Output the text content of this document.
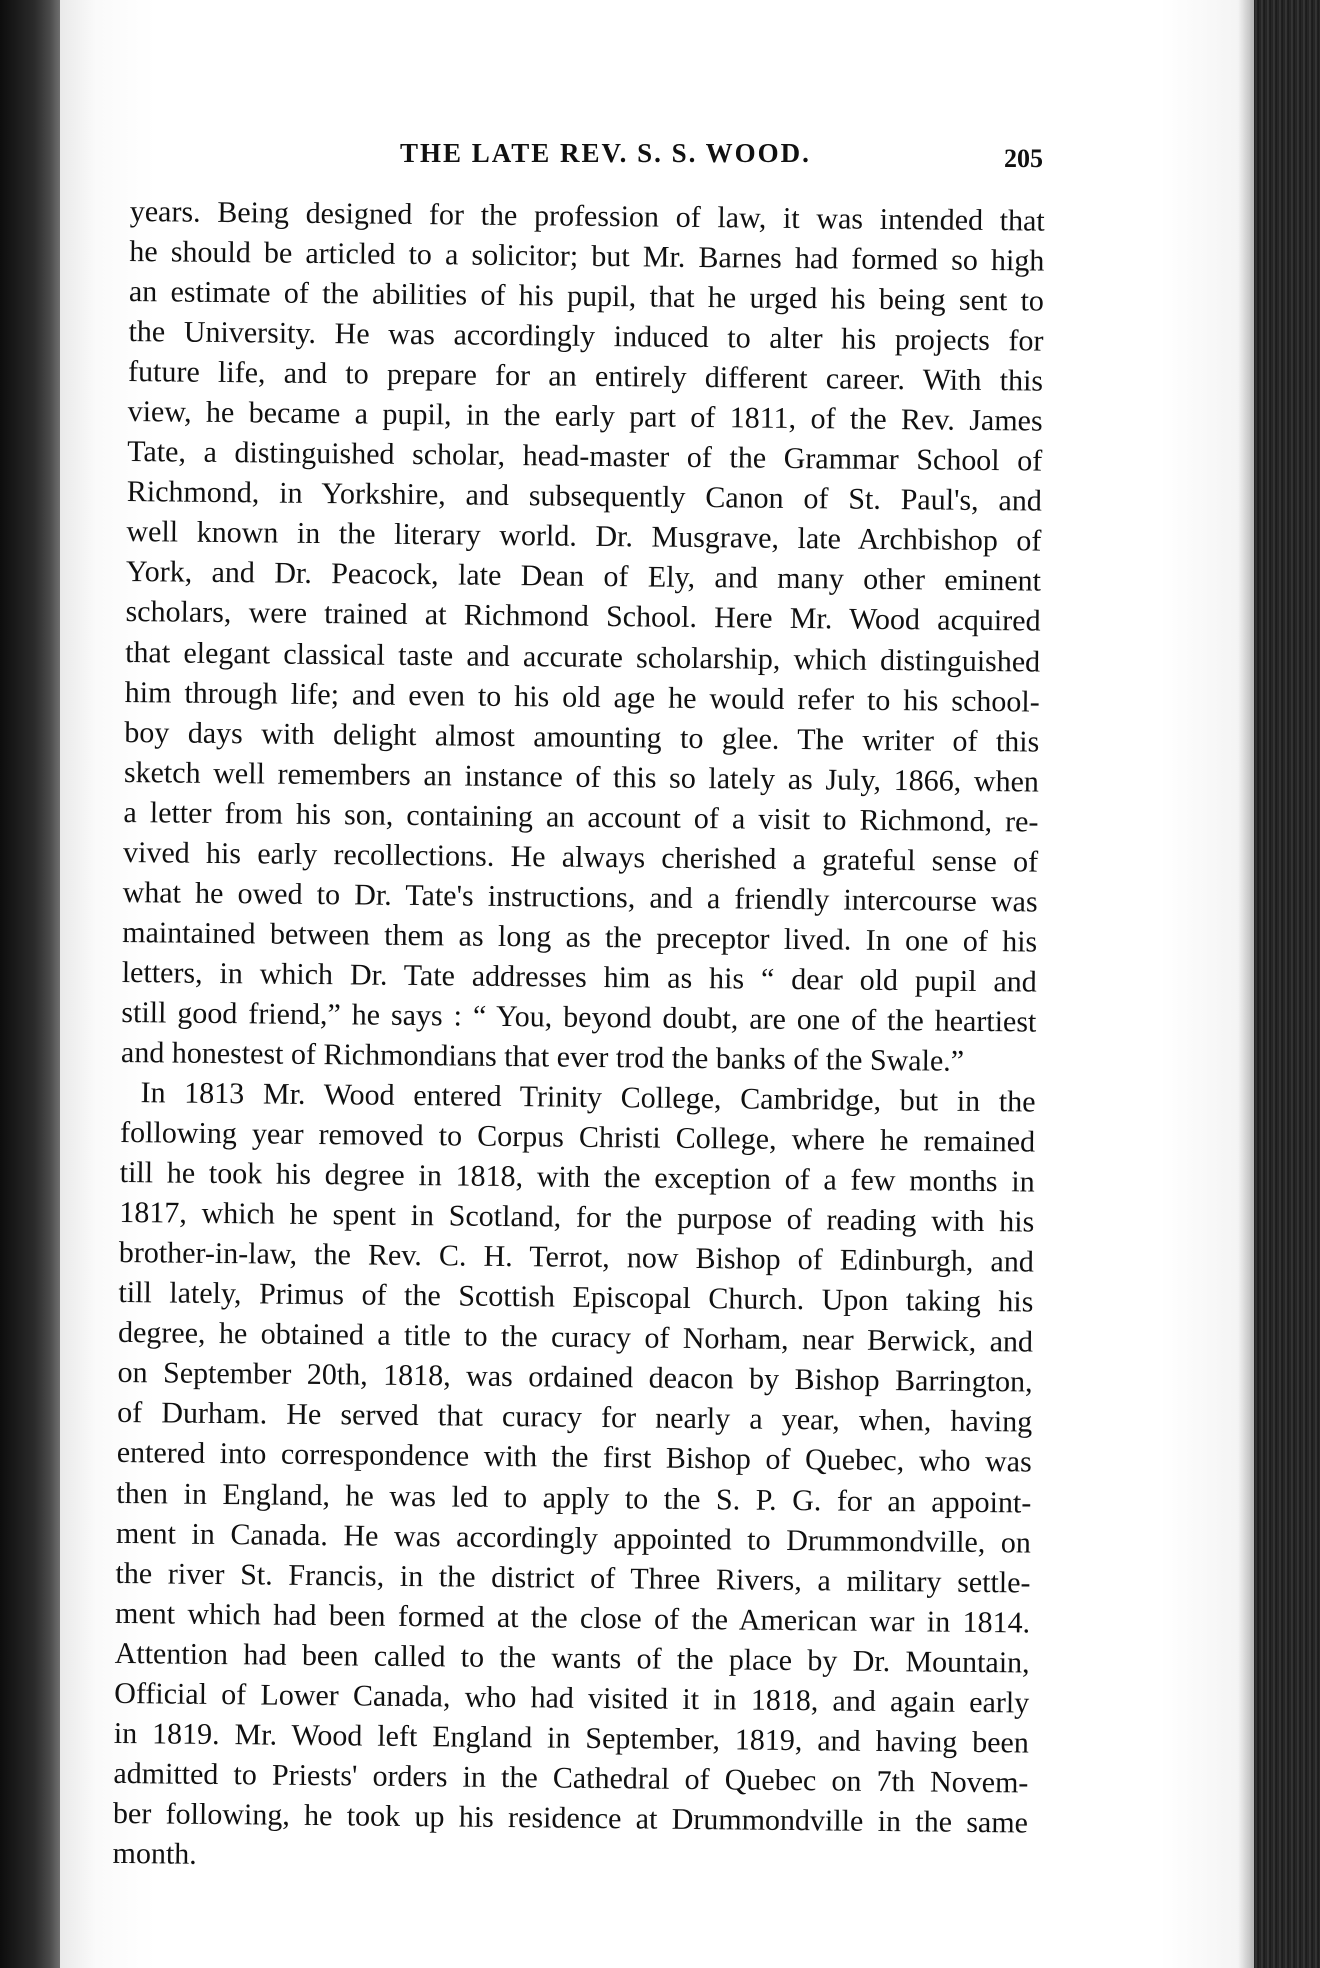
THE LATE REV. S. S. WOOD.	205
years. Being designed for the profession of law, it was intended that
he should be articled to a solicitor; but Mr. Barnes had formed so high
an estimate of the abilities of his pupil, that he urged his being sent to
the University. He was accordingly induced to alter his projects for
future life, and to prepare for an entirely different career. With this
view, he became a pupil, in the early part of 1811, of the Rev. James
Tate, a distinguished scholar, head-master of the Grammar School of
Richmond, in Yorkshire, and subsequently Canon of St. Paul's, and
well known in the literary world. Dr. Musgrave, late Archbishop of
York, and Dr. Peacock, late Dean of Ely, and many other eminent
scholars, were trained at Richmond School. Here Mr. Wood acquired
that elegant classical taste and accurate scholarship, which distinguished
him through life; and even to his old age he would refer to his school-
boy days with delight almost amounting to glee. The writer of this
sketch well remembers an instance of this so lately as July, 1866, when
a letter from his son, containing an account of a visit to Richmond, re-
vived his early recollections. He always cherished a grateful sense of
what he owed to Dr. Tate's instructions, and a friendly intercourse was
maintained between them as long as the preceptor lived. In one of his
letters, in which Dr. Tate addresses him as his “ dear old pupil and
still good friend,” he says : “ You, beyond doubt, are one of the heartiest
and honestest of Richmondians that ever trod the banks of the Swale.”
In 1813 Mr. Wood entered Trinity College, Cambridge, but in the
following year removed to Corpus Christi College, where he remained
till he took his degree in 1818, with the exception of a few months in
1817, which he spent in Scotland, for the purpose of reading with his
brother-in-law, the Rev. C. H. Terrot, now Bishop of Edinburgh, and
till lately, Primus of the Scottish Episcopal Church. Upon taking his
degree, he obtained a title to the curacy of Norham, near Berwick, and
on September 20th, 1818, was ordained deacon by Bishop Barrington,
of Durham. He served that curacy for nearly a year, when, having
entered into correspondence with the first Bishop of Quebec, who was
then in England, he was led to apply to the S. P. G. for an appoint-
ment in Canada. He was accordingly appointed to Drummondville, on
the river St. Francis, in the district of Three Rivers, a military settle-
ment which had been formed at the close of the American war in 1814.
Attention had been called to the wants of the place by Dr. Mountain,
Official of Lower Canada, who had visited it in 1818, and again early
in 1819. Mr. Wood left England in September, 1819, and having been
admitted to Priests' orders in the Cathedral of Quebec on 7th Novem-
ber following, he took up his residence at Drummondville in the same
month.
